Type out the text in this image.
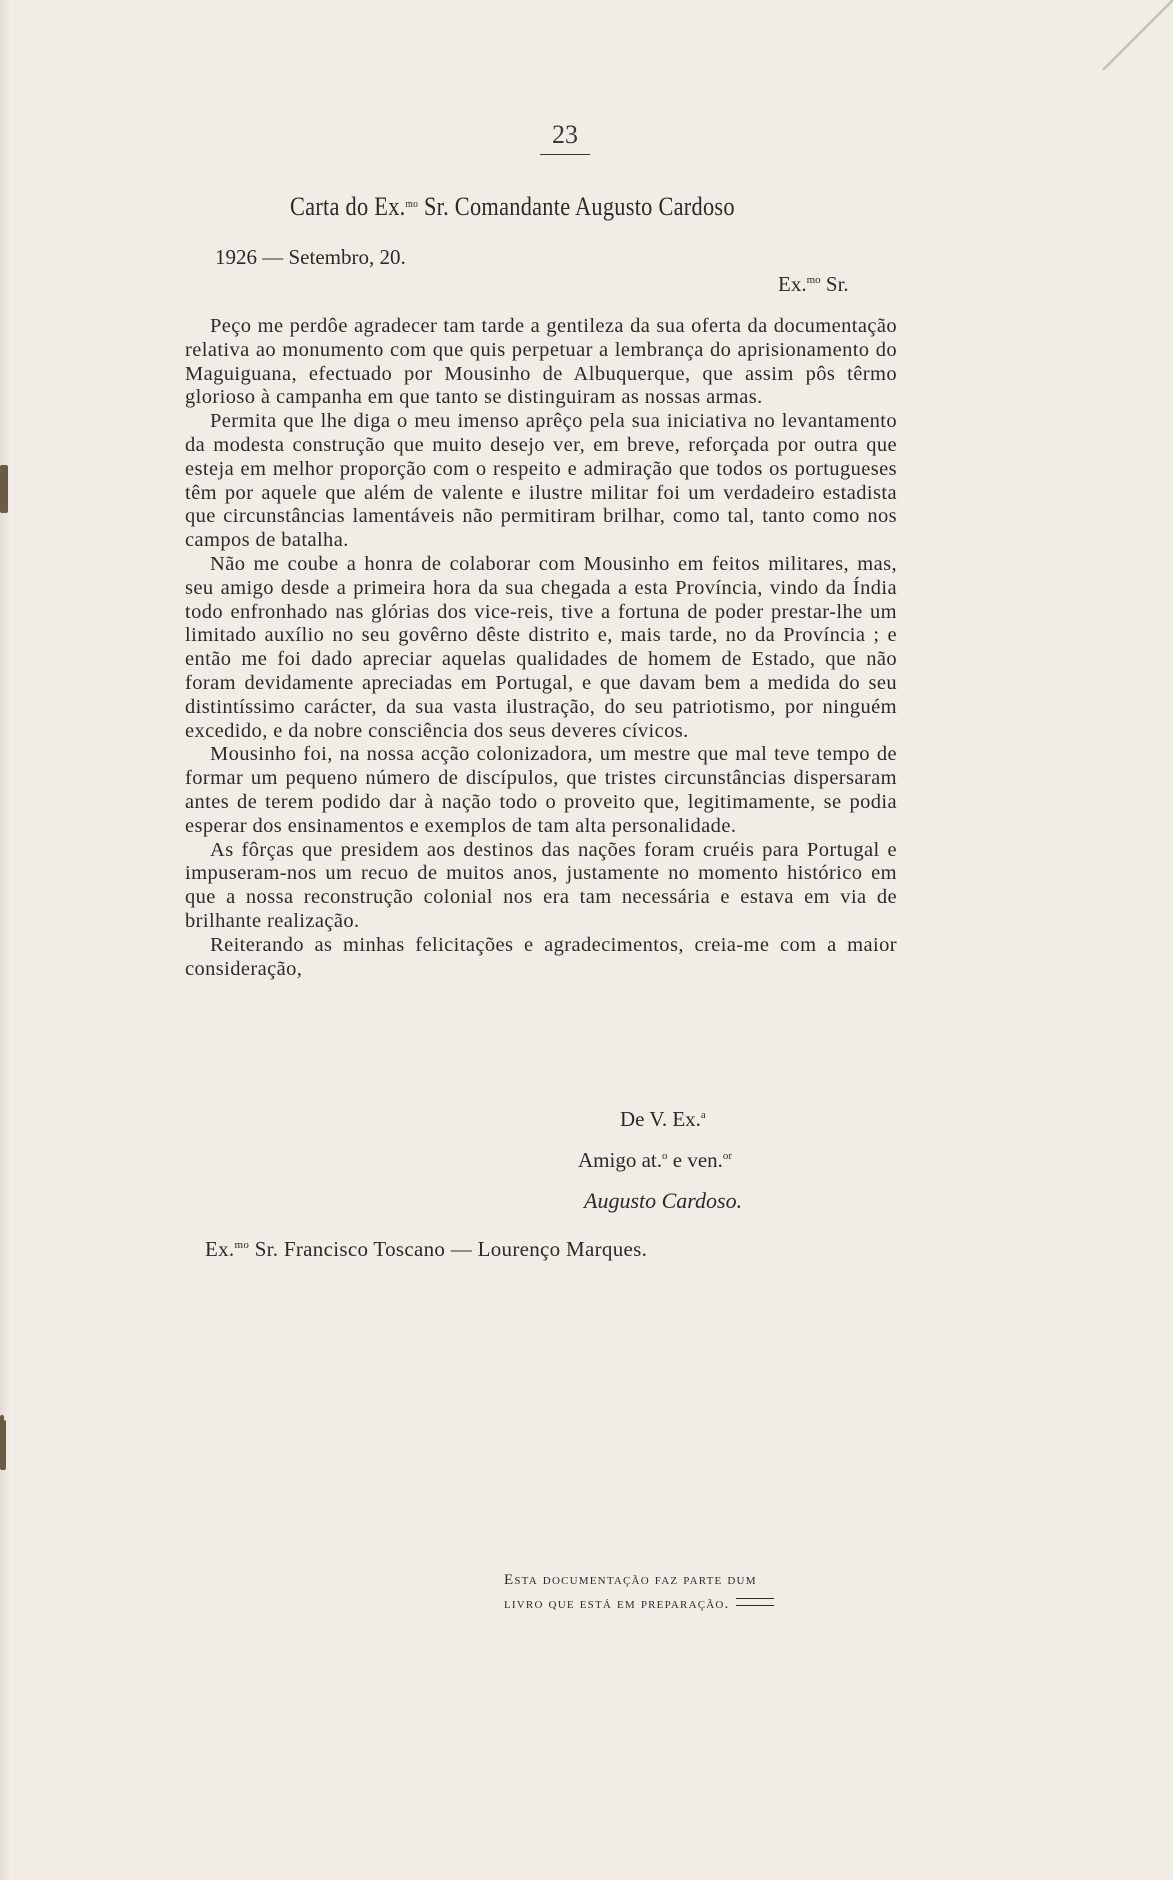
23
Carta do Ex.$^{mo}$ Sr. Comandante Augusto Cardoso
1926 — Setembro, 20.
Ex.$^{mo}$ Sr.

Peço me perdôe agradecer tam tarde a gentileza da sua oferta da documentação relativa ao monumento com que quis perpetuar a lembrança do aprisionamento do Maguiguana, efectuado por Mousinho de Albuquerque, que assim pôs têrmo glorioso à campanha em que tanto se distinguiram as nossas armas.

Permita que lhe diga o meu imenso aprêço pela sua iniciativa no levantamento da modesta construção que muito desejo ver, em breve, reforçada por outra que esteja em melhor proporção com o respeito e admiração que todos os portugueses têm por aquele que além de valente e ilustre militar foi um verdadeiro estadista que circunstâncias lamentáveis não permitiram brilhar, como tal, tanto como nos campos de batalha.

Não me coube a honra de colaborar com Mousinho em feitos militares, mas, seu amigo desde a primeira hora da sua chegada a esta Província, vindo da Índia todo enfronhado nas glórias dos vice-reis, tive a fortuna de poder prestar-lhe um limitado auxílio no seu govêrno dêste distrito e, mais tarde, no da Província ; e então me foi dado apreciar aquelas qualidades de homem de Estado, que não foram devidamente apreciadas em Portugal, e que davam bem a medida do seu distintíssimo carácter, da sua vasta ilustração, do seu patriotismo, por ninguém excedido, e da nobre consciência dos seus deveres cívicos.

Mousinho foi, na nossa acção colonizadora, um mestre que mal teve tempo de formar um pequeno número de discípulos, que tristes circunstâncias dispersaram antes de terem podido dar à nação todo o proveito que, legitimamente, se podia esperar dos ensinamentos e exemplos de tam alta personalidade.

As fôrças que presidem aos destinos das nações foram cruéis para Portugal e impuseram-nos um recuo de muitos anos, justamente no momento histórico em que a nossa reconstrução colonial nos era tam necessária e estava em via de brilhante realização.

Reiterando as minhas felicitações e agradecimentos, creia-me com a maior consideração,

De V. Ex.$^a$
Amigo at.$^o$ e ven.$^{or}$
Augusto Cardoso.
Ex.$^{mo}$ Sr. Francisco Toscano — Lourenço Marques.
Esta documentação faz parte dum
livro que está em preparação.
